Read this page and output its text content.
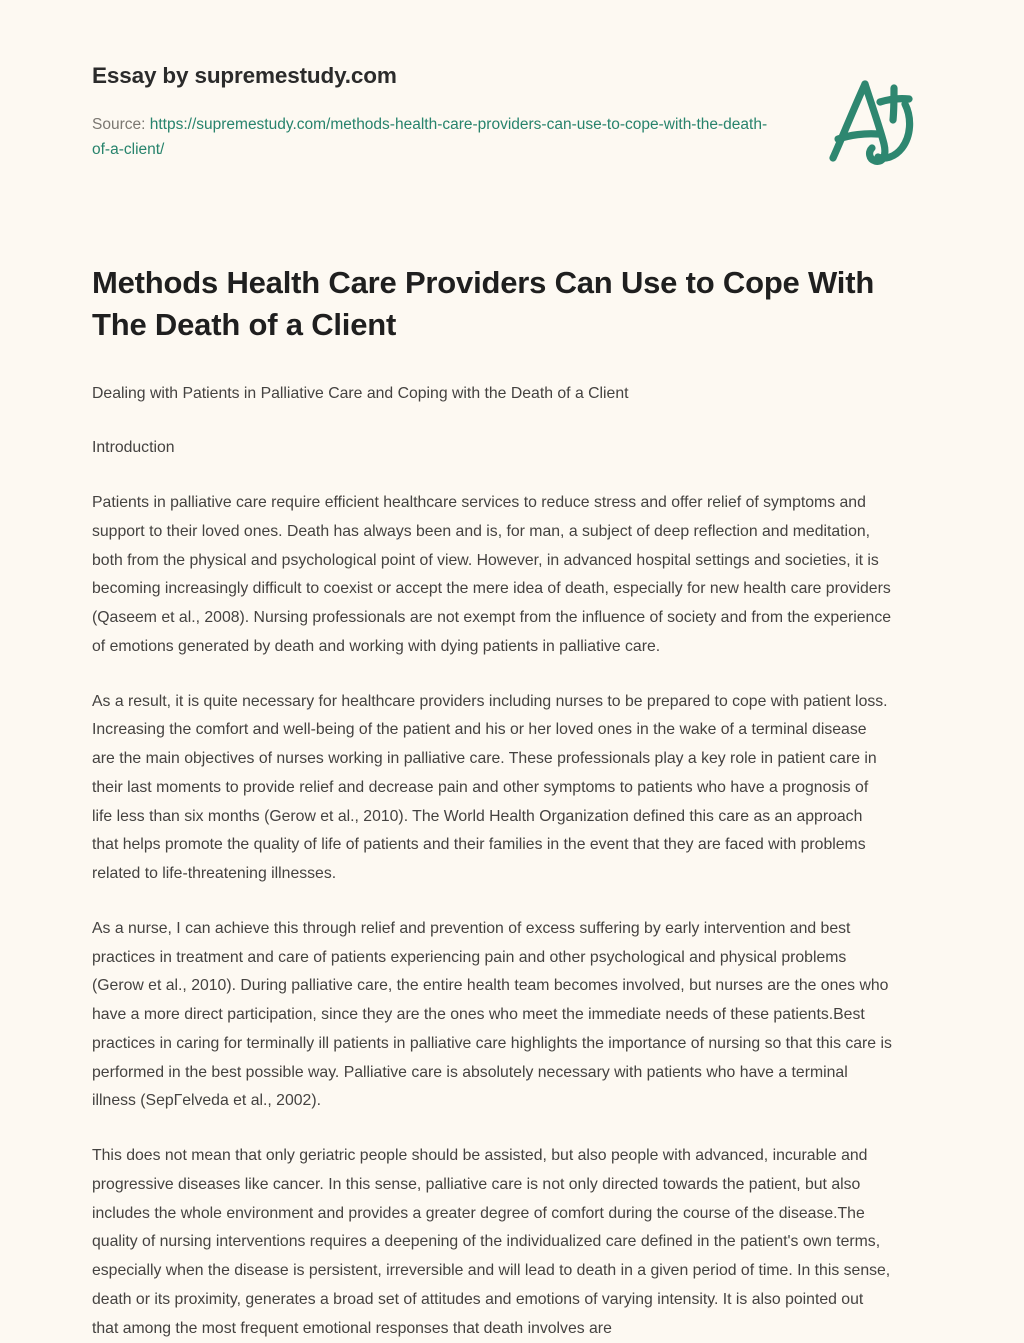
Essay by supremestudy.com
Source: https://supremestudy.com/methods-health-care-providers-can-use-to-cope-with-the-death-of-a-client/
Methods Health Care Providers Can Use to Cope With The Death of a Client

Dealing with Patients in Palliative Care and Coping with the Death of a Client

Introduction

Patients in palliative care require efficient healthcare services to reduce stress and offer relief of symptoms and support to their loved ones. Death has always been and is, for man, a subject of deep reflection and meditation, both from the physical and psychological point of view. However, in advanced hospital settings and societies, it is becoming increasingly difficult to coexist or accept the mere idea of death, especially for new health care providers (Qaseem et al., 2008). Nursing professionals are not exempt from the influence of society and from the experience of emotions generated by death and working with dying patients in palliative care.

As a result, it is quite necessary for healthcare providers including nurses to be prepared to cope with patient loss. Increasing the comfort and well-being of the patient and his or her loved ones in the wake of a terminal disease are the main objectives of nurses working in palliative care. These professionals play a key role in patient care in their last moments to provide relief and decrease pain and other symptoms to patients who have a prognosis of life less than six months (Gerow et al., 2010). The World Health Organization defined this care as an approach that helps promote the quality of life of patients and their families in the event that they are faced with problems related to life-threatening illnesses.

As a nurse, I can achieve this through relief and prevention of excess suffering by early intervention and best practices in treatment and care of patients experiencing pain and other psychological and physical problems (Gerow et al., 2010). During palliative care, the entire health team becomes involved, but nurses are the ones who have a more direct participation, since they are the ones who meet the immediate needs of these patients.Best practices in caring for terminally ill patients in palliative care highlights the importance of nursing so that this care is performed in the best possible way. Palliative care is absolutely necessary with patients who have a terminal illness (SepГelveda et al., 2002).

This does not mean that only geriatric people should be assisted, but also people with advanced, incurable and progressive diseases like cancer. In this sense, palliative care is not only directed towards the patient, but also includes the whole environment and provides a greater degree of comfort during the course of the disease.The quality of nursing interventions requires a deepening of the individualized care defined in the patient's own terms, especially when the disease is persistent, irreversible and will lead to death in a given period of time. In this sense, death or its proximity, generates a broad set of attitudes and emotions of varying intensity. It is also pointed out that among the most frequent emotional responses that death involves are
